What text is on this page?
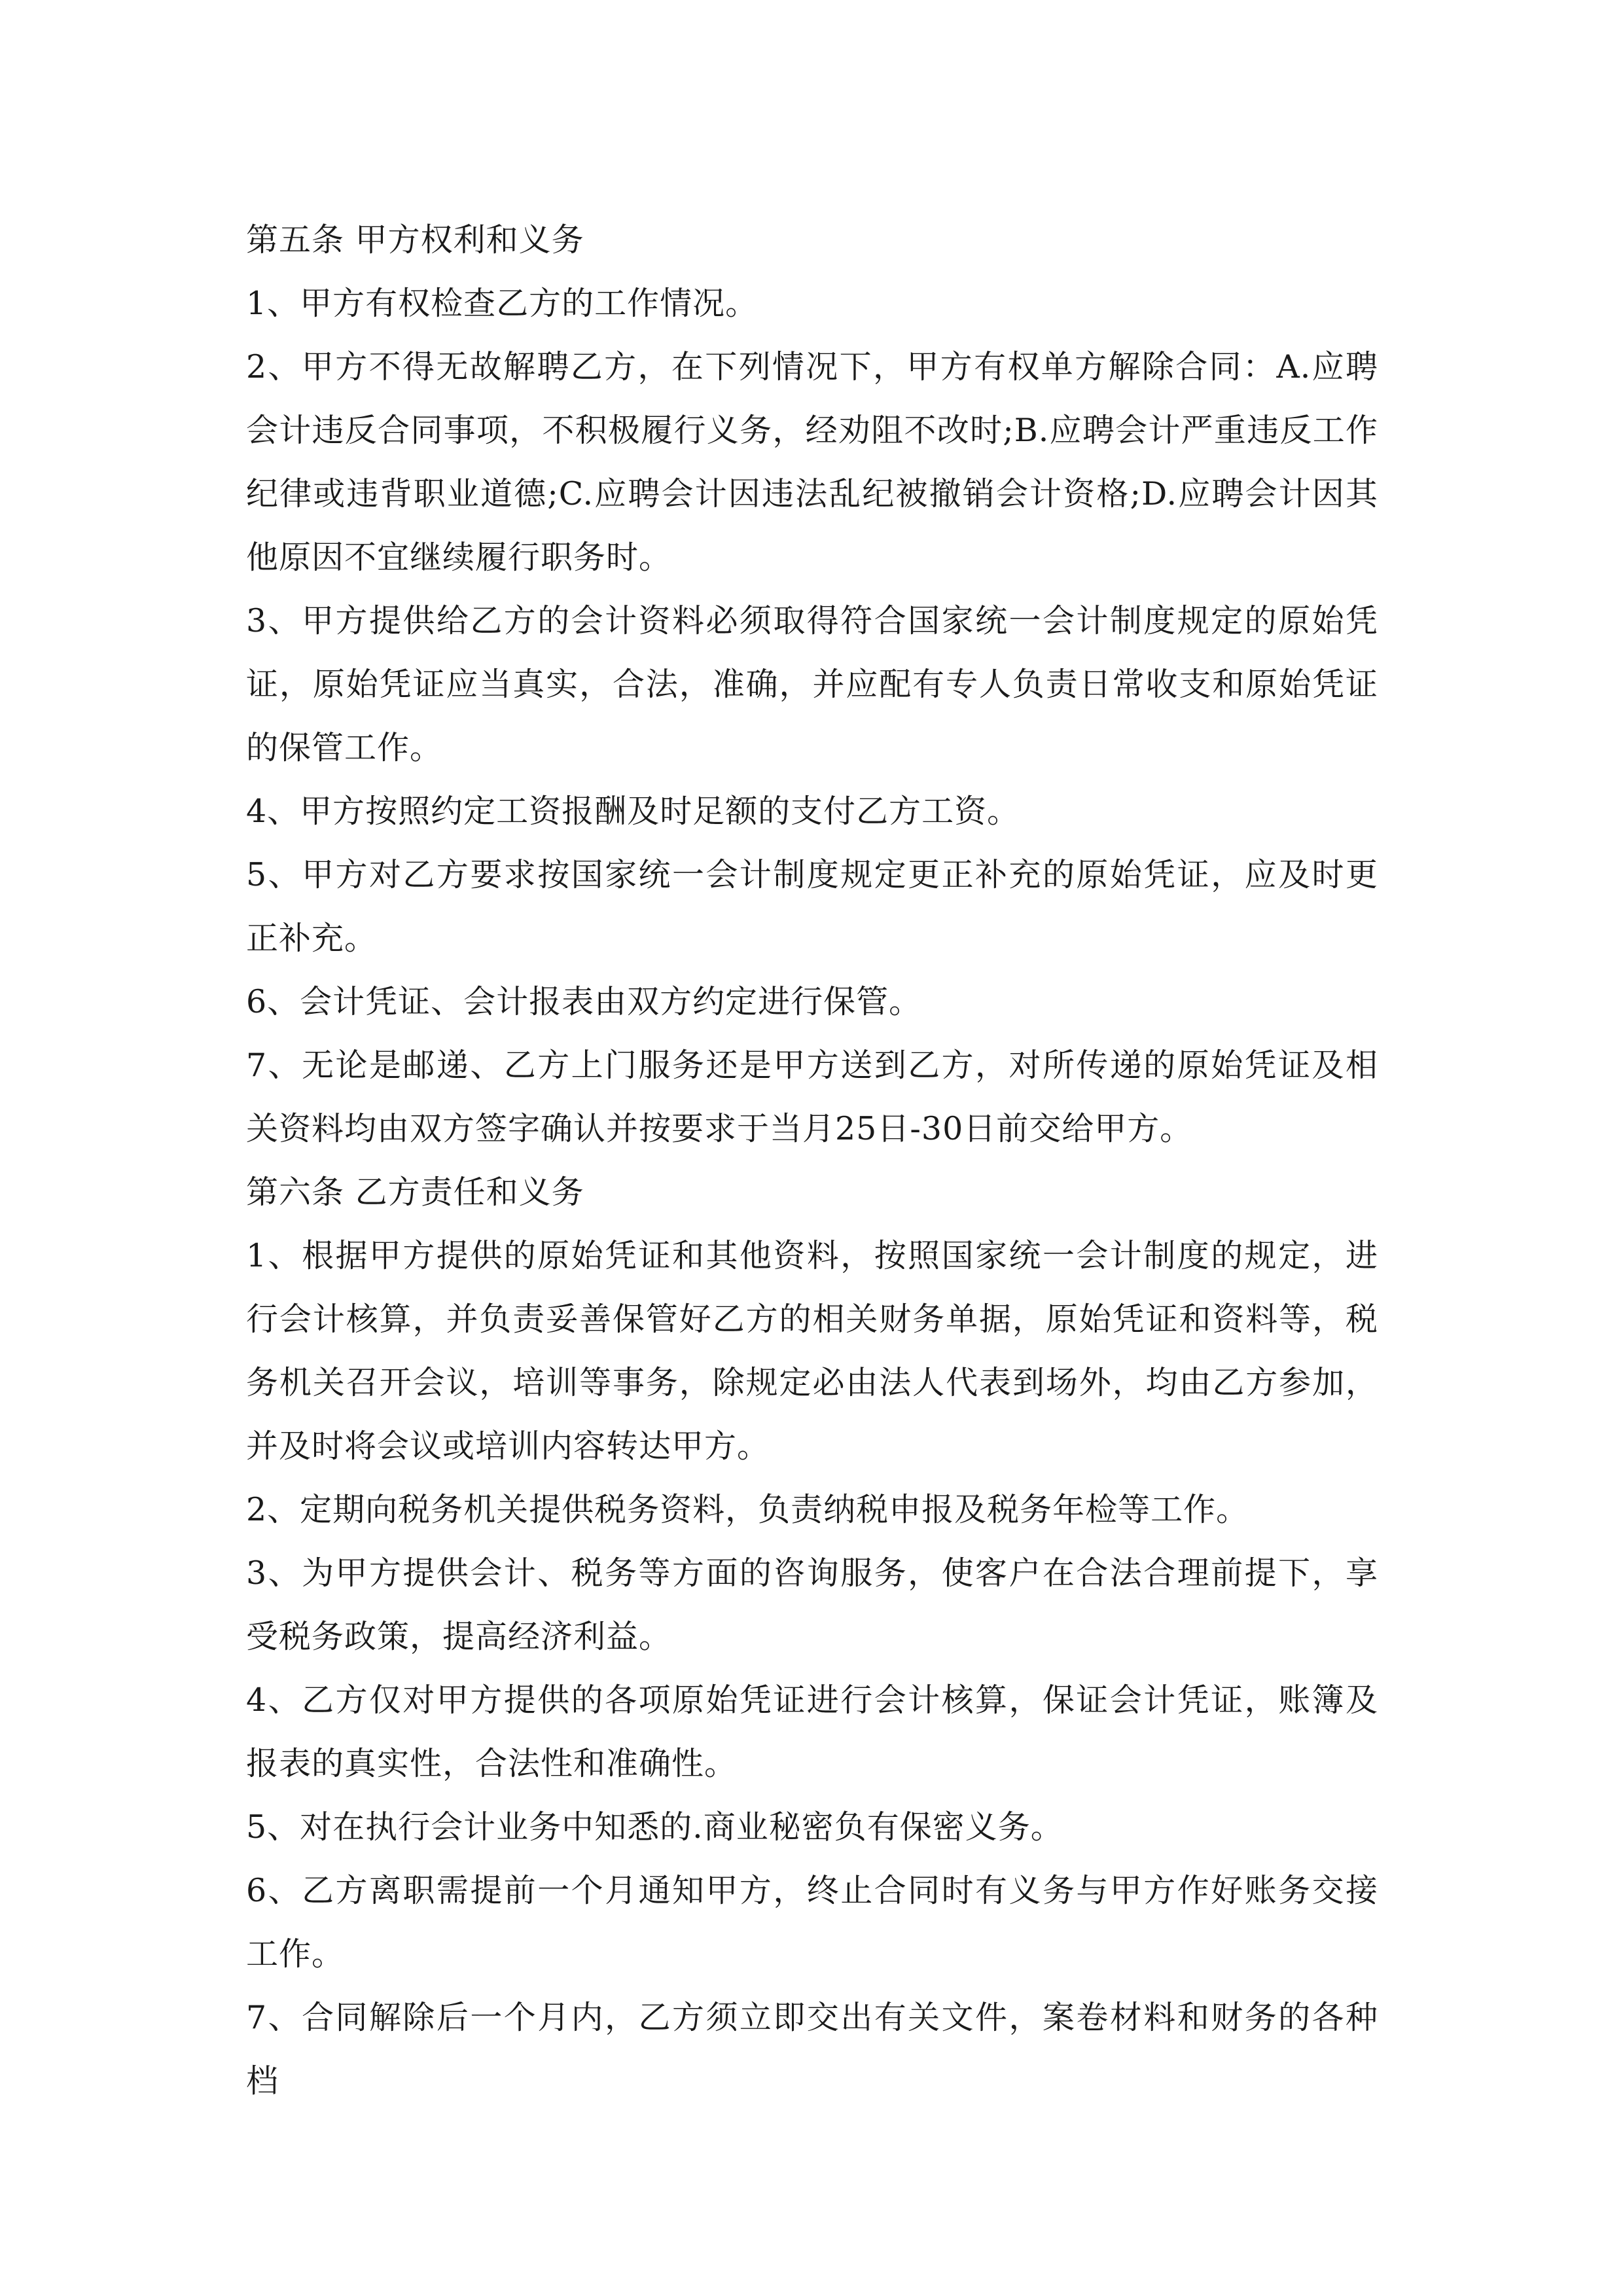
第五条 甲方权利和义务

1、甲方有权检查乙方的工作情况。

2、甲方不得无故解聘乙方，在下列情况下，甲方有权单方解除合同：A.应聘会计违反合同事项，不积极履行义务，经劝阻不改时;B.应聘会计严重违反工作纪律或违背职业道德;C.应聘会计因违法乱纪被撤销会计资格;D.应聘会计因其他原因不宜继续履行职务时。

3、甲方提供给乙方的会计资料必须取得符合国家统一会计制度规定的原始凭证，原始凭证应当真实，合法，准确，并应配有专人负责日常收支和原始凭证的保管工作。

4、甲方按照约定工资报酬及时足额的支付乙方工资。

5、甲方对乙方要求按国家统一会计制度规定更正补充的原始凭证，应及时更正补充。

6、会计凭证、会计报表由双方约定进行保管。

7、无论是邮递、乙方上门服务还是甲方送到乙方，对所传递的原始凭证及相关资料均由双方签字确认并按要求于当月25日-30日前交给甲方。

第六条 乙方责任和义务

1、根据甲方提供的原始凭证和其他资料，按照国家统一会计制度的规定，进行会计核算，并负责妥善保管好乙方的相关财务单据，原始凭证和资料等，税务机关召开会议，培训等事务，除规定必由法人代表到场外，均由乙方参加，并及时将会议或培训内容转达甲方。

2、定期向税务机关提供税务资料，负责纳税申报及税务年检等工作。

3、为甲方提供会计、税务等方面的咨询服务，使客户在合法合理前提下，享受税务政策，提高经济利益。

4、乙方仅对甲方提供的各项原始凭证进行会计核算，保证会计凭证，账簿及报表的真实性，合法性和准确性。

5、对在执行会计业务中知悉的.商业秘密负有保密义务。

6、乙方离职需提前一个月通知甲方，终止合同时有义务与甲方作好账务交接工作。

7、合同解除后一个月内，乙方须立即交出有关文件，案卷材料和财务的各种档
